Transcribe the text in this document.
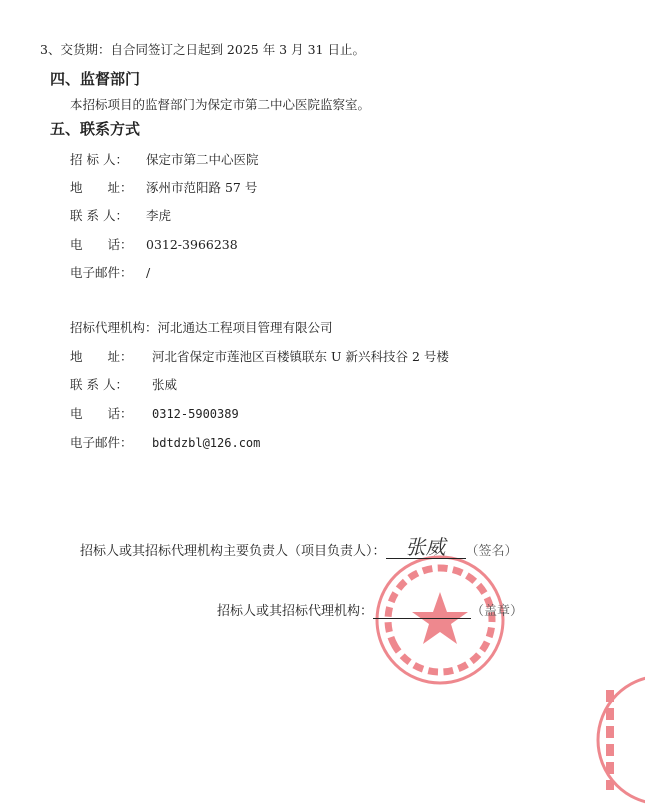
3、交货期：自合同签订之日起到 2025 年 3 月 31 日止。
四、监督部门
本招标项目的监督部门为保定市第二中心医院监察室。
五、联系方式
招 标 人： 保定市第二中心医院
地　　址： 涿州市范阳路 57 号
联 系 人： 李虎
电　　话： 0312-3966238
电子邮件： /
招标代理机构：河北通达工程项目管理有限公司
地　　址： 河北省保定市莲池区百楼镇联东 U 新兴科技谷 2 号楼
联 系 人： 张威
电　　话： 0312-5900389
电子邮件： bdtdzbl@126.com
招标人或其招标代理机构主要负责人（项目负责人）： 张威 （签名）
招标人或其招标代理机构：	（盖章）
